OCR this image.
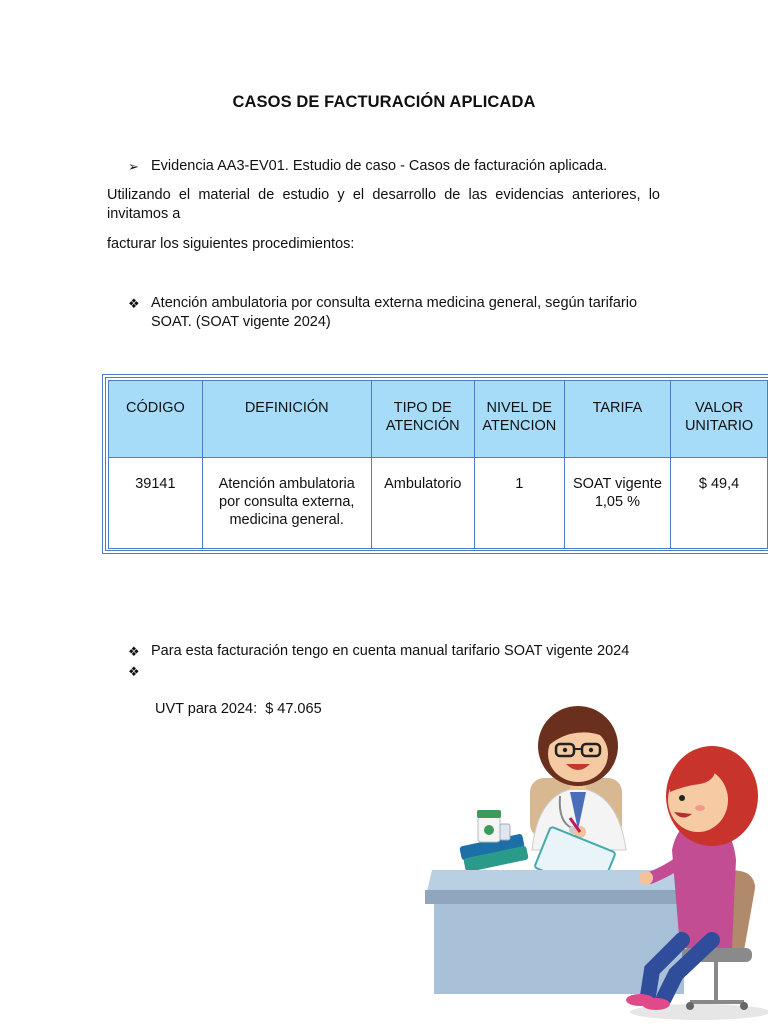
CASOS DE FACTURACIÓN APLICADA
➢ Evidencia AA3-EV01. Estudio de caso - Casos de facturación aplicada.
Utilizando el material de estudio y el desarrollo de las evidencias anteriores, lo invitamos a
facturar los siguientes procedimientos:
❖ Atención ambulatoria por consulta externa medicina general, según tarifario SOAT. (SOAT vigente 2024)
CÓDIGO	DEFINICIÓN	TIPO DE ATENCIÓN	NIVEL DE ATENCION	TARIFA	VALOR UNITARIO
39141	Atención ambulatoria por consulta externa, medicina general.	Ambulatorio	1	SOAT vigente 1,05 %	$ 49,4
❖ Para esta facturación tengo en cuenta manual tarifario SOAT vigente 2024

❖

UVT para 2024:  $ 47.065
